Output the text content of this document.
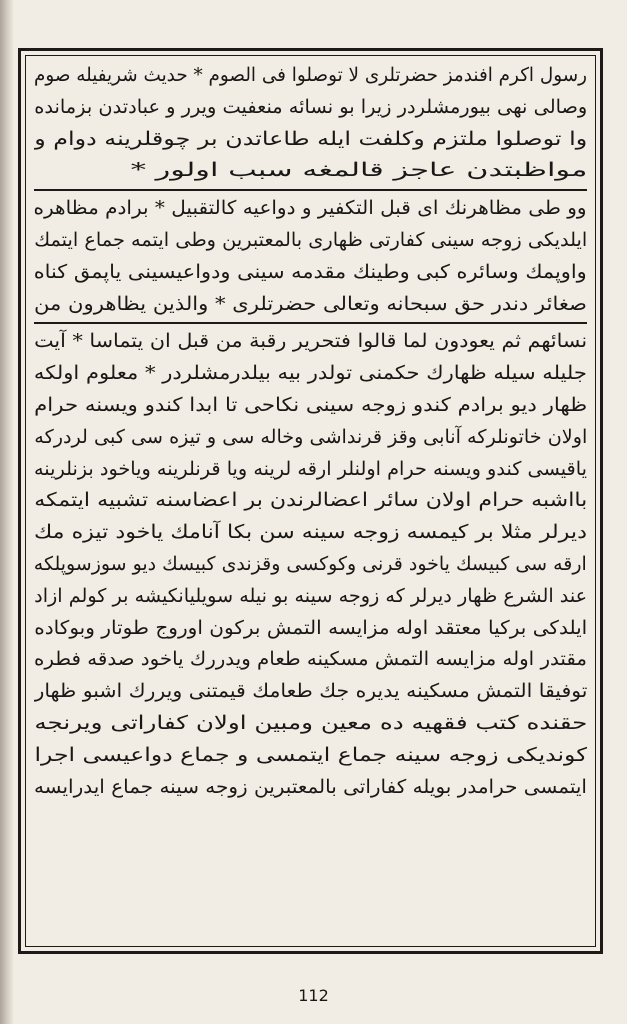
رسول اکرم افندمز حضرتلری لا توصلوا فی الصوم * حدیث شریفیله صوم
وصالی نهی بیورمشلردر زیرا بو نسائه منعفیت ویرر و عبادتدن بزمانده
وا توصلوا ملتزم وکلفت ایله طاعاتدن بر چوقلرینه دوام و
مواظبتدن عاجز قالمغه سبب اولور *
وو طی مظاهرنك ای قبل التکفیر و دواعیه کالتقبیل * برادم مظاهره
ایلدیکی زوجه سینی کفارتی ظهاری بالمعتبرین وطی ایتمه جماع ایتمك
واوپمك وسائره کبی وطینك مقدمه سینی ودواعیسینی یاپمق کناه
صغائر دندر حق سبحانه وتعالی حضرتلری * والذین یظاهرون من
نسائهم ثم یعودون لما قالوا فتحریر رقبة من قبل ان یتماسا * آیت
جلیله سیله ظهارك حکمنی تولدر بیه بیلدرمشلردر * معلوم اولکه
ظهار دیو برادم کندو زوجه سینی نکاحی تا ابدا کندو ویسنه حرام
اولان خاتونلرکه آنابی وقز قرنداشی وخاله سی و تیزه سی کبی لردرکه
یاقیسی کندو ویسنه حرام اولنلر ارقه لرینه ویا قرنلرینه ویاخود بزنلرینه
بااشبه حرام اولان سائر اعضالرندن بر اعضاسنه تشبیه ایتمکه
دیرلر مثلا بر کیمسه زوجه سینه سن بکا آنامك یاخود تیزه مك
ارقه سی کبیسك یاخود قرنی وکوکسی وقزندی کبیسك دیو سوزسوپلکه
عند الشرع ظهار دیرلر که زوجه سینه بو نیله سویلیانکیشه بر کولم ازاد
ایلدکی برکیا معتقد اوله مزایسه التمش برکون اوروج طوتار وبوکاده
مقتدر اوله مزایسه التمش مسکینه طعام ویدررك یاخود صدقه فطره
توفیقا التمش مسکینه یدیره جك طعامك قیمتنی ویررك اشبو ظهار
حقنده کتب فقهیه ده معین ومبین اولان کفاراتی ویرنجه
کوندیکی زوجه سینه جماع ایتمسی و جماع دواعیسی اجرا
ایتمسی حرامدر بویله کفاراتی بالمعتبرین زوجه سینه جماع ایدرایسه
112
